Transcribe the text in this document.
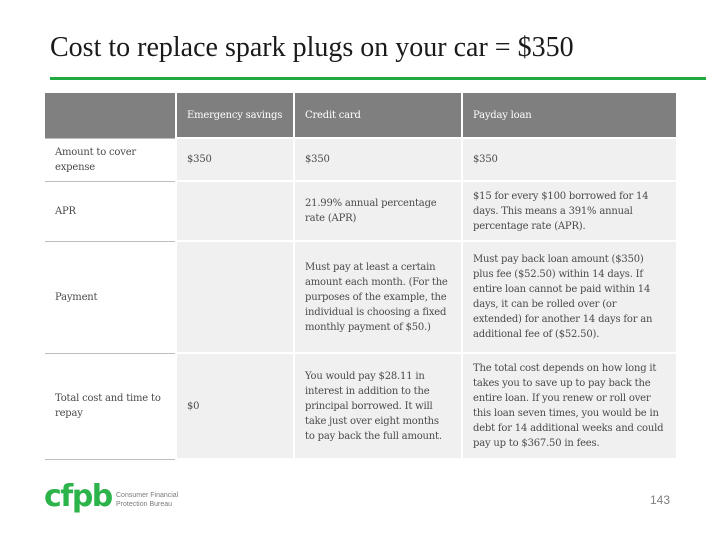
Cost to replace spark plugs on your car = $350
	Emergency savings	Credit card	Payday loan
Amount to cover expense	$350	$350	$350
APR		21.99% annual percentage rate (APR)	$15 for every $100 borrowed for 14 days. This means a 391% annual percentage rate (APR).
Payment		Must pay at least a certain amount each month. (For the purposes of the example, the individual is choosing a fixed monthly payment of $50.)	Must pay back loan amount ($350) plus fee ($52.50) within 14 days. If entire loan cannot be paid within 14 days, it can be rolled over (or extended) for another 14 days for an additional fee of ($52.50).
Total cost and time to repay	$0	You would pay $28.11 in interest in addition to the principal borrowed. It will take just over eight months to pay back the full amount.	The total cost depends on how long it takes you to save up to pay back the entire loan. If you renew or roll over this loan seven times, you would be in debt for 14 additional weeks and could pay up to $367.50 in fees.
cfpb Consumer Financial
Protection Bureau	143
